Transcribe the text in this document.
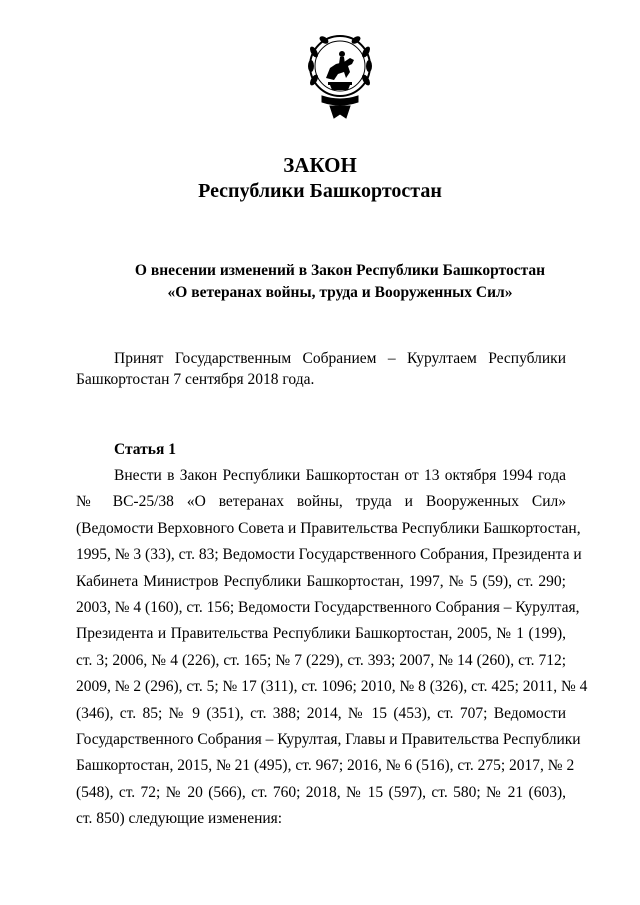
ЗАКОН
Республики Башкортостан
О внесении изменений в Закон Республики Башкортостан
«О ветеранах войны, труда и Вооруженных Сил»
Принят Государственным Собранием – Курултаем Республики Башкортостан 7 сентября 2018 года.
Статья 1
Внести в Закон Республики Башкортостан от 13 октября 1994 года
№ ВС-25/38 «О ветеранах войны, труда и Вооруженных Сил»
(Ведомости Верховного Совета и Правительства Республики Башкортостан,
1995, № 3 (33), ст. 83; Ведомости Государственного Собрания, Президента и
Кабинета Министров Республики Башкортостан, 1997, № 5 (59), ст. 290;
2003, № 4 (160), ст. 156; Ведомости Государственного Собрания – Курултая,
Президента и Правительства Республики Башкортостан, 2005, № 1 (199),
ст. 3; 2006, № 4 (226), ст. 165; № 7 (229), ст. 393; 2007, № 14 (260), ст. 712;
2009, № 2 (296), ст. 5; № 17 (311), ст. 1096; 2010, № 8 (326), ст. 425; 2011, № 4
(346), ст. 85; № 9 (351), ст. 388; 2014, № 15 (453), ст. 707; Ведомости
Государственного Собрания – Курултая, Главы и Правительства Республики
Башкортостан, 2015, № 21 (495), ст. 967; 2016, № 6 (516), ст. 275; 2017, № 2
(548), ст. 72; № 20 (566), ст. 760; 2018, № 15 (597), ст. 580; № 21 (603),
ст. 850) следующие изменения:
